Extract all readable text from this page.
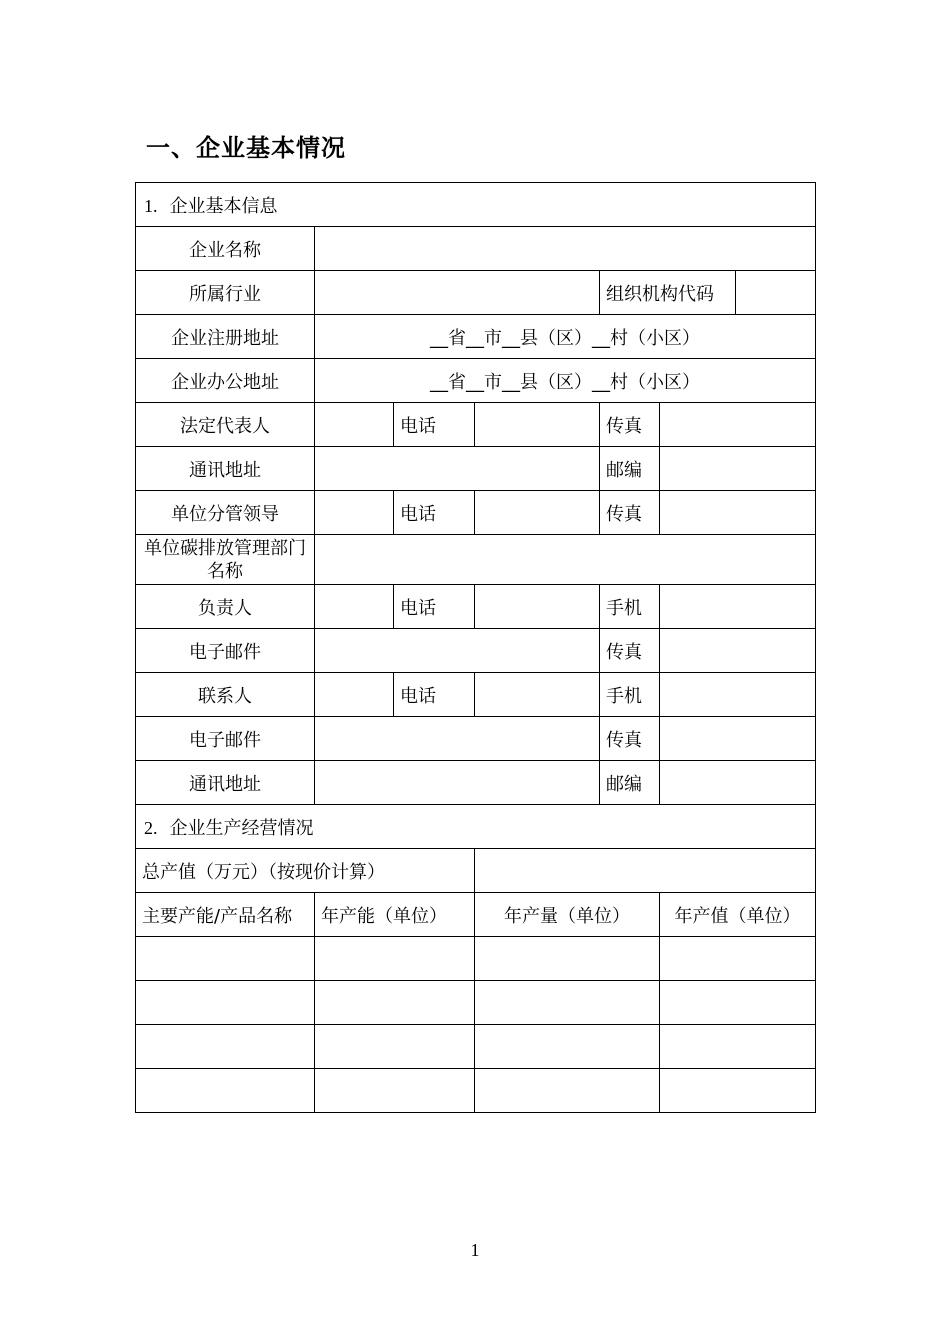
一、企业基本情况
1. 企业基本信息						
企业名称						
所属行业				组织机构代码		
企业注册地址	__省__市__县（区）__村（小区）					
企业办公地址	__省__市__县（区）__村（小区）					
法定代表人		电话		传真		
通讯地址				邮编		
单位分管领导		电话		传真		
单位碳排放管理部门名称						
负责人		电话		手机		
电子邮件				传真		
联系人		电话		手机		
电子邮件				传真		
通讯地址				邮编		
2. 企业生产经营情况						
总产值（万元）（按现价计算）						
主要产能/产品名称	年产能（单位）		年产量（单位）		年产值（单位）	

1
